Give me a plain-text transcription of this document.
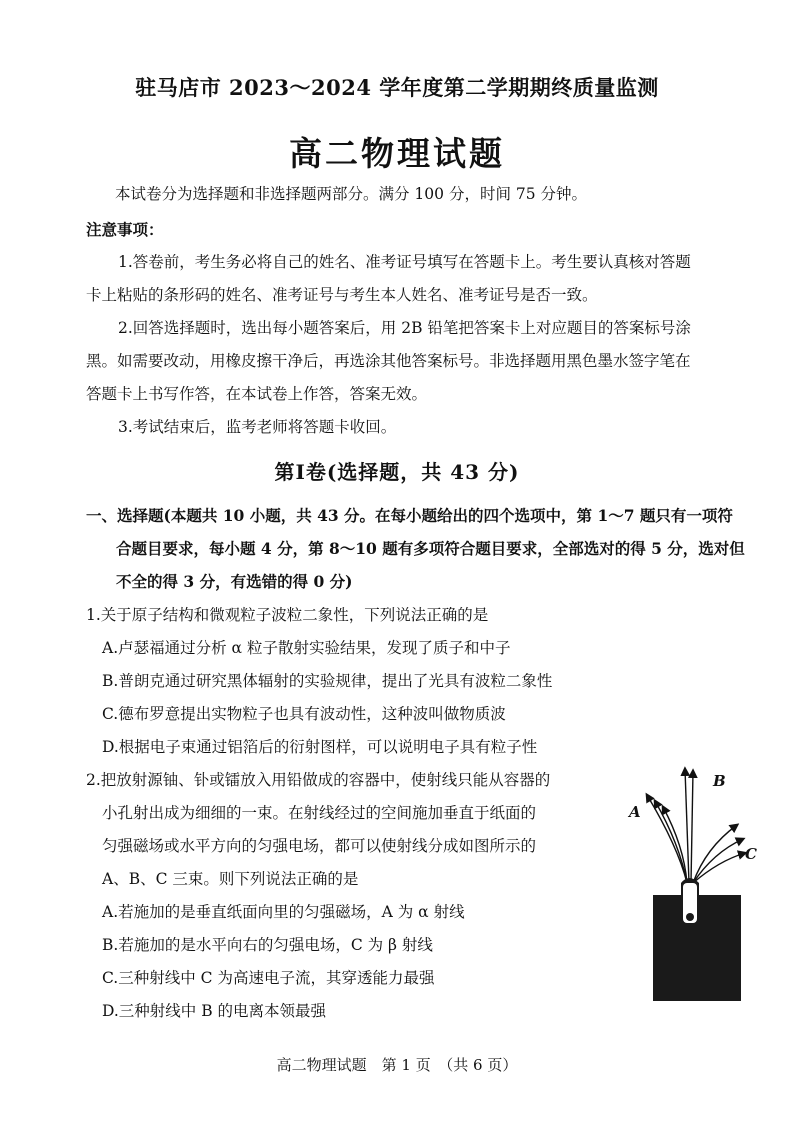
驻马店市 2023～2024 学年度第二学期期终质量监测
高二物理试题
本试卷分为选择题和非选择题两部分。满分 100 分，时间 75 分钟。
注意事项：
1.答卷前，考生务必将自己的姓名、准考证号填写在答题卡上。考生要认真核对答题
卡上粘贴的条形码的姓名、准考证号与考生本人姓名、准考证号是否一致。
2.回答选择题时，选出每小题答案后，用 2B 铅笔把答案卡上对应题目的答案标号涂
黑。如需要改动，用橡皮擦干净后，再选涂其他答案标号。非选择题用黑色墨水签字笔在
答题卡上书写作答，在本试卷上作答，答案无效。
3.考试结束后，监考老师将答题卡收回。
第Ⅰ卷(选择题，共 43 分)
一、选择题(本题共 10 小题，共 43 分。在每小题给出的四个选项中，第 1～7 题只有一项符
合题目要求，每小题 4 分，第 8～10 题有多项符合题目要求，全部选对的得 5 分，选对但
不全的得 3 分，有选错的得 0 分)
1.关于原子结构和微观粒子波粒二象性，下列说法正确的是
A.卢瑟福通过分析 α 粒子散射实验结果，发现了质子和中子
B.普朗克通过研究黑体辐射的实验规律，提出了光具有波粒二象性
C.德布罗意提出实物粒子也具有波动性，这种波叫做物质波
D.根据电子束通过铝箔后的衍射图样，可以说明电子具有粒子性
2.把放射源铀、钋或镭放入用铅做成的容器中，使射线只能从容器的
小孔射出成为细细的一束。在射线经过的空间施加垂直于纸面的
匀强磁场或水平方向的匀强电场，都可以使射线分成如图所示的
A、B、C 三束。则下列说法正确的是
A.若施加的是垂直纸面向里的匀强磁场，A 为 α 射线
B.若施加的是水平向右的匀强电场，C 为 β 射线
C.三种射线中 C 为高速电子流，其穿透能力最强
D.三种射线中 B 的电离本领最强
A
B
C
高二物理试题　第 1 页　（共 6 页）
